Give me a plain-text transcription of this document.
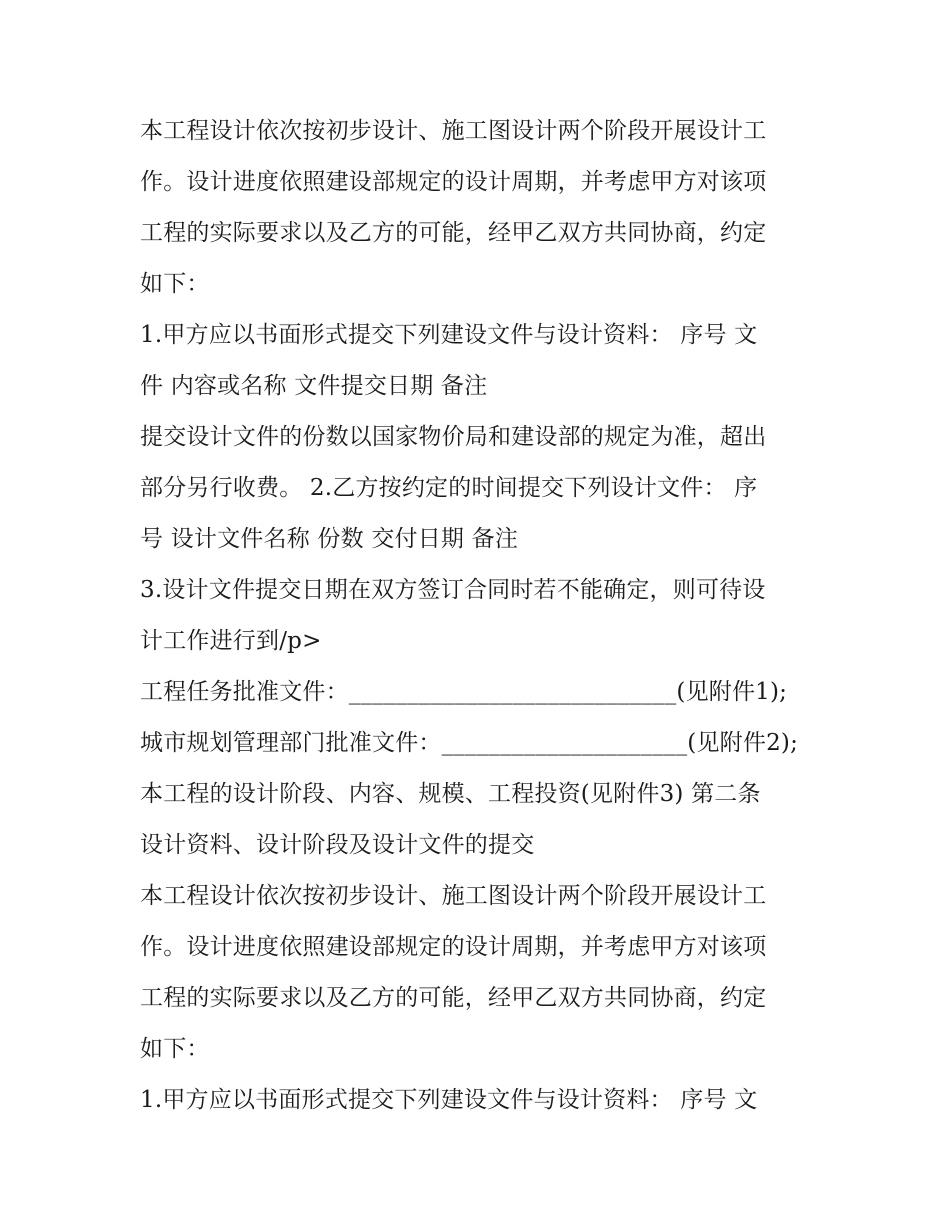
本工程设计依次按初步设计、施工图设计两个阶段开展设计工
作。设计进度依照建设部规定的设计周期，并考虑甲方对该项
工程的实际要求以及乙方的可能，经甲乙双方共同协商，约定
如下：
1.甲方应以书面形式提交下列建设文件与设计资料： 序号 文
件 内容或名称 文件提交日期 备注
提交设计文件的份数以国家物价局和建设部的规定为准，超出
部分另行收费。 2.乙方按约定的时间提交下列设计文件： 序
号 设计文件名称 份数 交付日期 备注
3.设计文件提交日期在双方签订合同时若不能确定，则可待设
计工作进行到/p>
工程任务批准文件：____________________________(见附件1);
城市规划管理部门批准文件：_____________________(见附件2);
本工程的设计阶段、内容、规模、工程投资(见附件3) 第二条
设计资料、设计阶段及设计文件的提交
本工程设计依次按初步设计、施工图设计两个阶段开展设计工
作。设计进度依照建设部规定的设计周期，并考虑甲方对该项
工程的实际要求以及乙方的可能，经甲乙双方共同协商，约定
如下：
1.甲方应以书面形式提交下列建设文件与设计资料： 序号 文
